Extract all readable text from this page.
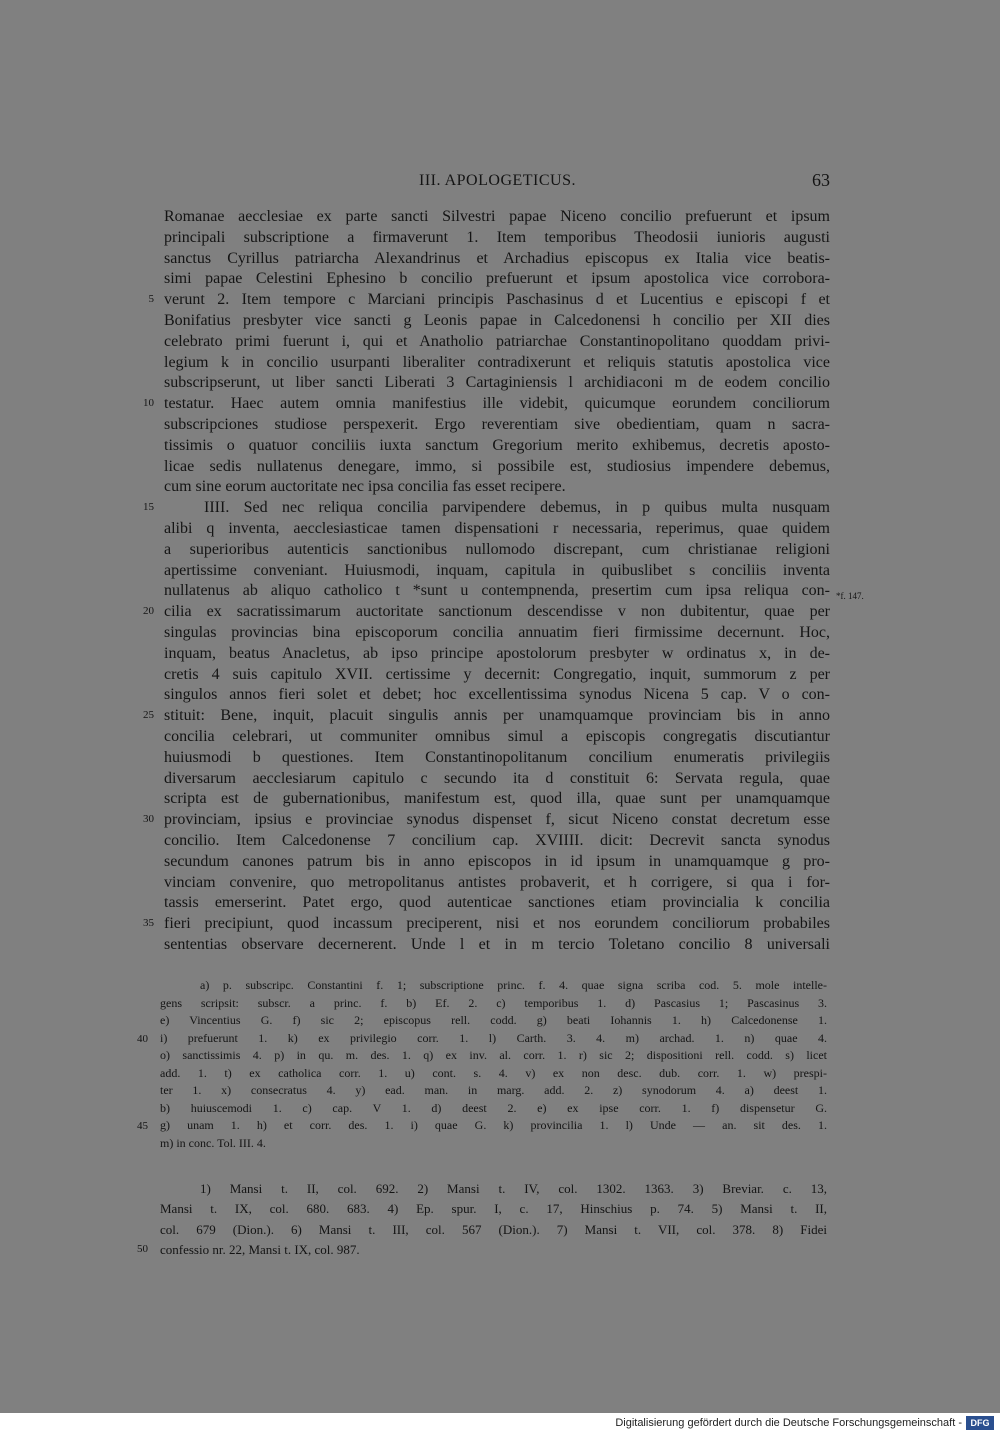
III. APOLOGETICUS.	63
Romanae aecclesiae ex parte sancti Silvestri papae Niceno concilio prefuerunt et ipsum
principali subscriptione a firmaverunt 1. Item temporibus Theodosii iunioris augusti
sanctus Cyrillus patriarcha Alexandrinus et Archadius episcopus ex Italia vice beatis-
simi papae Celestini Ephesino b concilio prefuerunt et ipsum apostolica vice corrobora-
verunt 2. Item tempore c Marciani principis Paschasinus d et Lucentius e episcopi f et
5
Bonifatius presbyter vice sancti g Leonis papae in Calcedonensi h concilio per XII dies
celebrato primi fuerunt i, qui et Anatholio patriarchae Constantinopolitano quoddam privi-
legium k in concilio usurpanti liberaliter contradixerunt et reliquis statutis apostolica vice
subscripserunt, ut liber sancti Liberati 3 Cartaginiensis l archidiaconi m de eodem concilio
testatur. Haec autem omnia manifestius ille videbit, quicumque eorundem conciliorum
10
subscripciones studiose perspexerit. Ergo reverentiam sive obedientiam, quam n sacra-
tissimis o quatuor conciliis iuxta sanctum Gregorium merito exhibemus, decretis aposto-
licae sedis nullatenus denegare, immo, si possibile est, studiosius impendere debemus,
cum sine eorum auctoritate nec ipsa concilia fas esset recipere.
IIII. Sed nec reliqua concilia parvipendere debemus, in p quibus multa nusquam
15
alibi q inventa, aecclesiasticae tamen dispensationi r necessaria, reperimus, quae quidem
a superioribus autenticis sanctionibus nullomodo discrepant, cum christianae religioni
apertissime conveniant. Huiusmodi, inquam, capitula in quibuslibet s conciliis inventa
nullatenus ab aliquo catholico t *sunt u contempnenda, presertim cum ipsa reliqua con-
cilia ex sacratissimarum auctoritate sanctionum descendisse v non dubitentur, quae per
20
singulas provincias bina episcoporum concilia annuatim fieri firmissime decernunt. Hoc,
inquam, beatus Anacletus, ab ipso principe apostolorum presbyter w ordinatus x, in de-
cretis 4 suis capitulo XVII. certissime y decernit: Congregatio, inquit, summorum z per
singulos annos fieri solet et debet; hoc excellentissima synodus Nicena 5 cap. V o con-
stituit: Bene, inquit, placuit singulis annis per unamquamque provinciam bis in anno
25
concilia celebrari, ut communiter omnibus simul a episcopis congregatis discutiantur
huiusmodi b questiones. Item Constantinopolitanum concilium enumeratis privilegiis
diversarum aecclesiarum capitulo c secundo ita d constituit 6: Servata regula, quae
scripta est de gubernationibus, manifestum est, quod illa, quae sunt per unamquamque
provinciam, ipsius e provinciae synodus dispenset f, sicut Niceno constat decretum esse
30
concilio. Item Calcedonense 7 concilium cap. XVIIII. dicit: Decrevit sancta synodus
secundum canones patrum bis in anno episcopos in id ipsum in unamquamque g pro-
vinciam convenire, quo metropolitanus antistes probaverit, et h corrigere, si qua i for-
tassis emerserint. Patet ergo, quod autenticae sanctiones etiam provincialia k concilia
fieri precipiunt, quod incassum preciperent, nisi et nos eorundem conciliorum probabiles
35
sententias observare decernerent. Unde l et in m tercio Toletano concilio 8 universali
*f. 147.
a) p. subscripc. Constantini f. 1; subscriptione princ. f. 4. quae signa scriba cod. 5. mole intelle-
gens scripsit: subscr. a princ. f. b) Ef. 2. c) temporibus 1. d) Pascasius 1; Pascasinus 3.
e) Vincentius G. f) sic 2; episcopus rell. codd. g) beati Iohannis 1. h) Calcedonense 1.
i) prefuerunt 1. k) ex privilegio corr. 1. l) Carth. 3. 4. m) archad. 1. n) quae 4.
40
o) sanctissimis 4. p) in qu. m. des. 1. q) ex inv. al. corr. 1. r) sic 2; dispositioni rell. codd. s) licet
add. 1. t) ex catholica corr. 1. u) cont. s. 4. v) ex non desc. dub. corr. 1. w) prespi-
ter 1. x) consecratus 4. y) ead. man. in marg. add. 2. z) synodorum 4. a) deest 1.
b) huiuscemodi 1. c) cap. V 1. d) deest 2. e) ex ipse corr. 1. f) dispensetur G.
g) unam 1. h) et corr. des. 1. i) quae G. k) provincilia 1. l) Unde — an. sit des. 1.
45
m) in conc. Tol. III. 4.
1) Mansi t. II, col. 692. 2) Mansi t. IV, col. 1302. 1363. 3) Breviar. c. 13,
Mansi t. IX, col. 680. 683. 4) Ep. spur. I, c. 17, Hinschius p. 74. 5) Mansi t. II,
col. 679 (Dion.). 6) Mansi t. III, col. 567 (Dion.). 7) Mansi t. VII, col. 378. 8) Fidei
confessio nr. 22, Mansi t. IX, col. 987.
50
Digitalisierung gefördert durch die Deutsche Forschungsgemeinschaft - DFG
